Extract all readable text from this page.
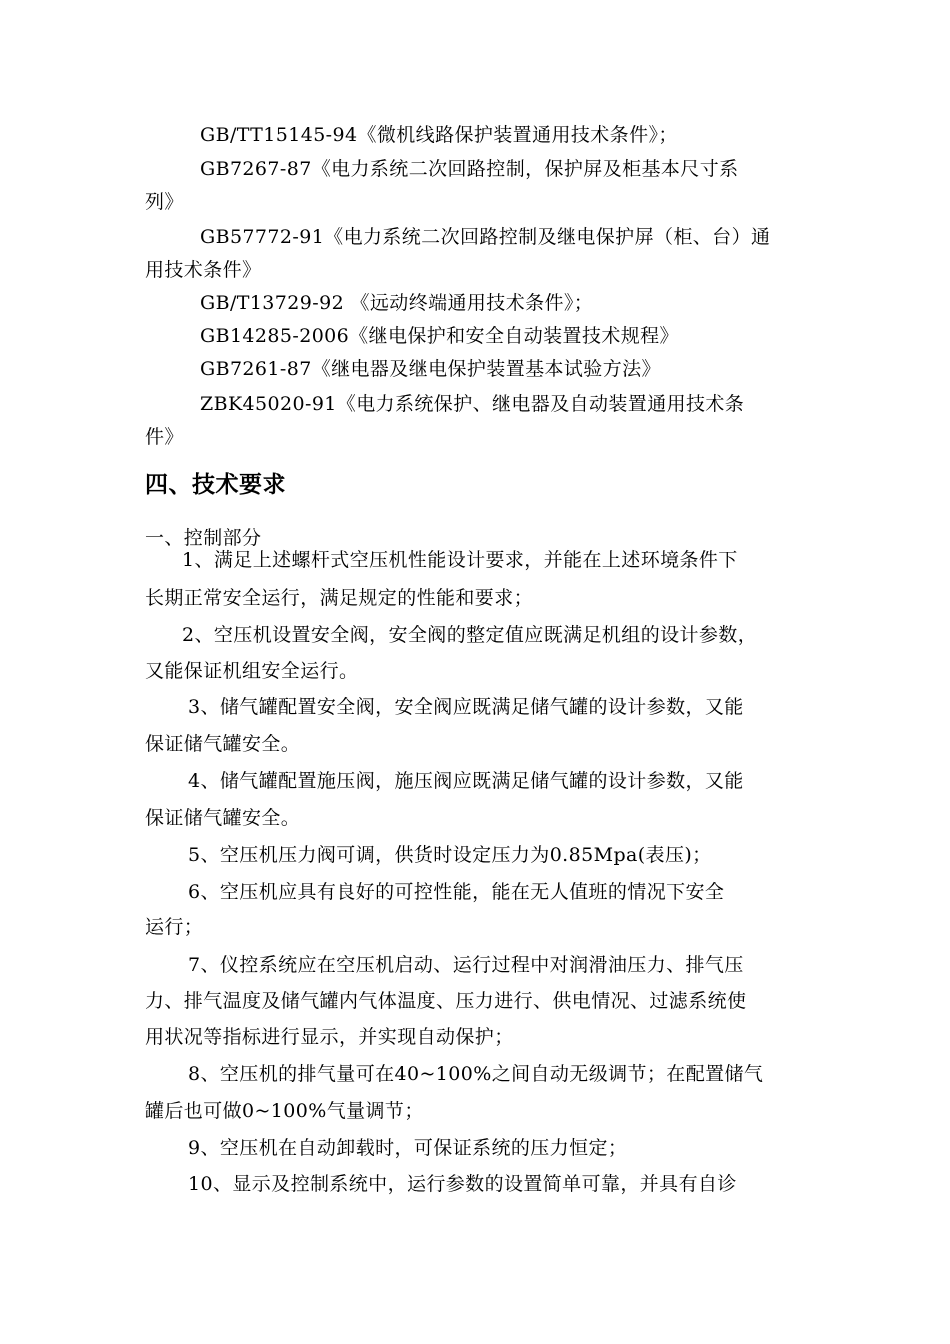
GB/TT15145-94《微机线路保护装置通用技术条件》；

GB7267-87《电力系统二次回路控制，保护屏及柜基本尺寸系

列》

GB57772-91《电力系统二次回路控制及继电保护屏（柜、台）通

用技术条件》

GB/T13729-92 《远动终端通用技术条件》；

GB14285-2006《继电保护和安全自动装置技术规程》

GB7261-87《继电器及继电保护装置基本试验方法》

ZBK45020-91《电力系统保护、继电器及自动装置通用技术条

件》

四、技术要求

一、控制部分

1、满足上述螺杆式空压机性能设计要求，并能在上述环境条件下

长期正常安全运行，满足规定的性能和要求；

2、空压机设置安全阀，安全阀的整定值应既满足机组的设计参数，

又能保证机组安全运行。

3、储气罐配置安全阀，安全阀应既满足储气罐的设计参数，又能

保证储气罐安全。

4、储气罐配置施压阀，施压阀应既满足储气罐的设计参数，又能

保证储气罐安全。

5、空压机压力阀可调，供货时设定压力为0.85Mpa(表压)；

6、空压机应具有良好的可控性能，能在无人值班的情况下安全

运行；

7、仪控系统应在空压机启动、运行过程中对润滑油压力、排气压

力、排气温度及储气罐内气体温度、压力进行、供电情况、过滤系统使

用状况等指标进行显示，并实现自动保护；

8、空压机的排气量可在40~100%之间自动无级调节；在配置储气

罐后也可做0~100%气量调节；

9、空压机在自动卸载时，可保证系统的压力恒定；

10、显示及控制系统中，运行参数的设置简单可靠，并具有自诊
